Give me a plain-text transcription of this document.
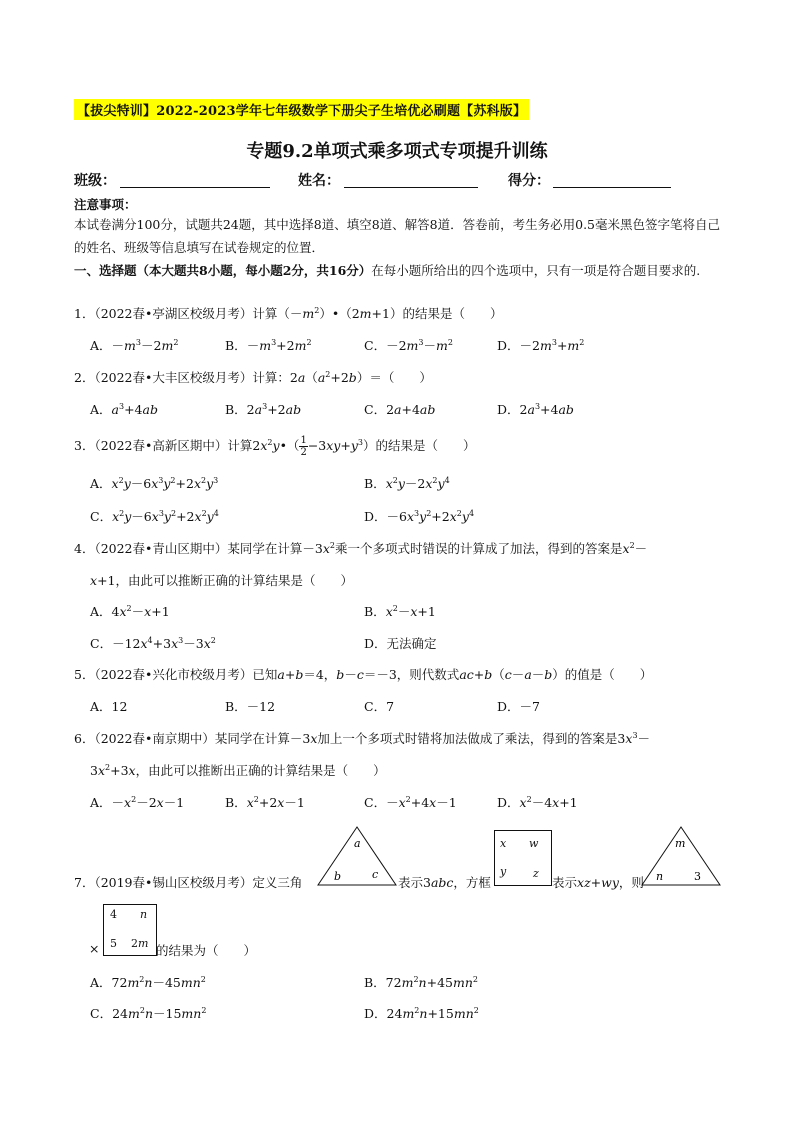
【拔尖特训】2022-2023学年七年级数学下册尖子生培优必刷题【苏科版】
专题9.2单项式乘多项式专项提升训练
班级：	姓名：	得分：
注意事项：
本试卷满分100分，试题共24题，其中选择8道、填空8道、解答8道．答卷前，考生务必用0.5毫米黑色签字笔将自己的姓名、班级等信息填写在试卷规定的位置．
一、选择题（本大题共8小题，每小题2分，共16分）在每小题所给出的四个选项中，只有一项是符合题目要求的.
1．（2022春•亭湖区校级月考）计算$(-m^2)•(2m+1)$的结果是（　　）
A．$-m^3-2m^2$	B．$-m^3+2m^2$	C．$-2m^3-m^2$	D．$-2m^3+m^2$
2．（2022春•大丰区校级月考）计算：$2a(a^2+2b)=$（　　）
A．$a^3+4ab$	B．$2a^3+2ab$	C．2a+4ab	D．$2a^3+4ab$
3．（2022春•高新区期中）计算$2x^2y•( \frac{1}{2} -3xy+y^3)$的结果是（　　）
A．$x^2y-6x^3y^2+2x^2y^3$	B．$x^2y-2x^2y^4$
C．$x^2y-6x^3y^2+2x^2y^4$	D．$-6x^3y^2+2x^2y^4$
4．（2022春•青山区期中）某同学在计算$-3x^2$乘一个多项式时错误的计算成了加法，得到的答案是$x^2-$
x+1，由此可以推断正确的计算结果是（　　）
A．$4x^2-x+1$	B．$x^2-x+1$
C．$-12x^4+3x^3-3x^2$	D．无法确定
5．（2022春•兴化市校级月考）已知a+b＝4，b－c＝－3，则代数式ac+b（c－a－b）的值是（　　）
A．12	B．－12	C．7	D．－7
6．（2022春•南京期中）某同学在计算－3x加上一个多项式时错将加法做成了乘法，得到的答案是$3x^3-$
$3x^2+3x$，由此可以推断出正确的计算结果是（　　）
A．$-x^2-2x-1$	B．$x^2+2x-1$	C．$-x^2+4x-1$	D．$x^2-4x+1$
a
b	c
x w
y z
m
n	3
7．（2019春•锡山区校级月考）定义三角	表示3abc，方框	表示xz+wy，则
×
4 n
5 2m 的结果为（　　）
A．$72m^2n-45mn^2$	B．$72m^2n+45mn^2$
C．$24m^2n-15mn^2$	D．$24m^2n+15mn^2$
